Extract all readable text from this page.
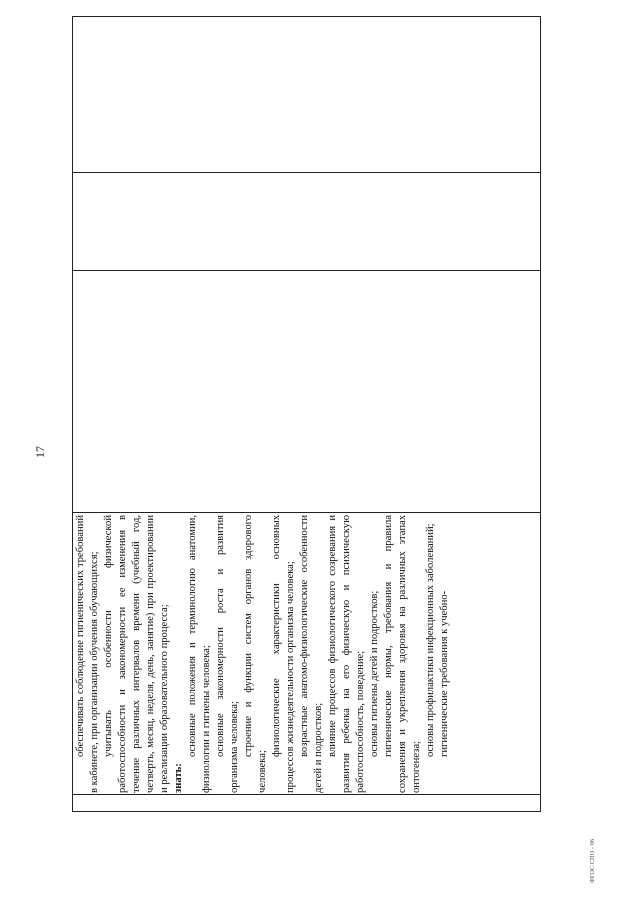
17

обеспечивать соблюдение гигиенических требований в кабинете, при организации обучения обучающихся; учитывать особенности физической работоспособности и закономерности ее изменения в течение различных интервалов времени (учебный год, четверть, месяц, неделя, день, занятие) при проектировании и реализации образовательного процесса; знать:

основные положения и терминологию анатомии, физиологии и гигиены человека; основные закономерности роста и развития организма человека; строение и функции систем органов здорового человека;

физиологические характеристики основных процессов жизнедеятельности организма человека; возрастные анатомо-физиологические особенности детей и подростков; влияние процессов физиологического созревания и развития ребенка на его физическую и психическую работоспособность, поведение; основы гигиены детей и подростков; гигиенические нормы, требования и правила сохранения и укрепления здоровья на различных этапах онтогенеза;

основы профилактики инфекционных заболеваний; гигиенические требования к учебно-

ФГОС СПО - 06
